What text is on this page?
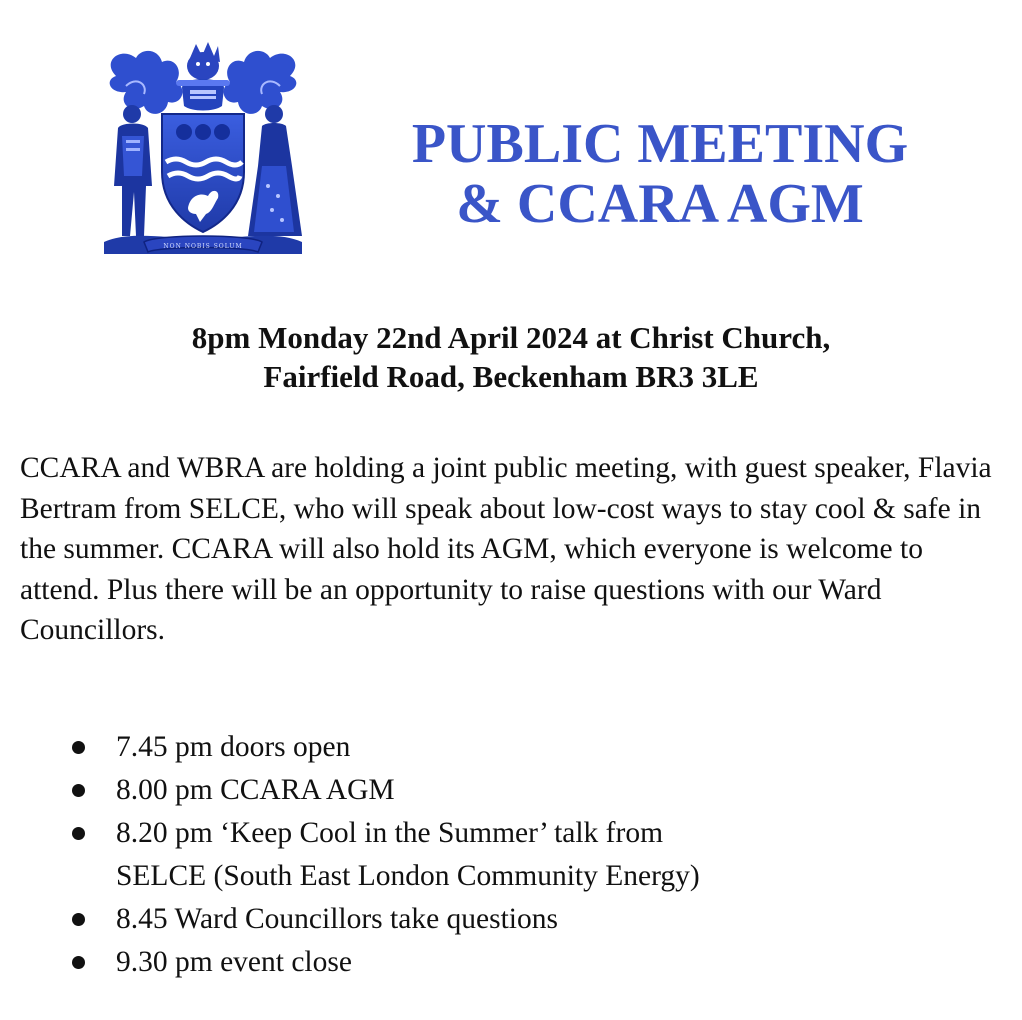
NON NOBIS SOLUM
PUBLIC MEETING
& CCARA AGM

8pm Monday 22nd April 2024 at Christ Church,
Fairfield Road, Beckenham BR3 3LE

CCARA and WBRA are holding a joint public meeting, with guest speaker, Flavia Bertram from SELCE, who will speak about low-cost ways to stay cool & safe in the summer. CCARA will also hold its AGM, which everyone is welcome to attend. Plus there will be an opportunity to raise questions with our Ward Councillors.

7.45 pm doors open
8.00 pm CCARA AGM
8.20 pm ‘Keep Cool in the Summer’ talk from
SELCE (South East London Community Energy)
8.45 Ward Councillors take questions
9.30 pm event close
